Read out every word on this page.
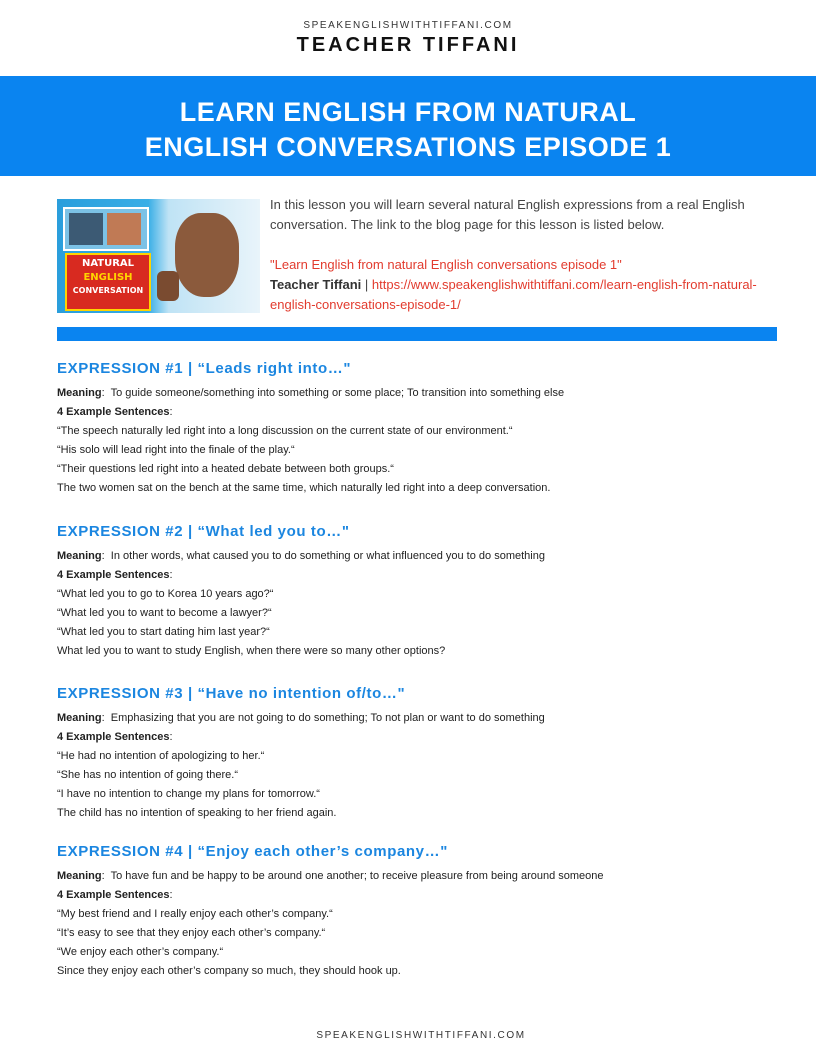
SPEAKENGLISHWITHTIFFANI.COM
TEACHER TIFFANI
LEARN ENGLISH FROM NATURAL
ENGLISH CONVERSATIONS EPISODE 1
NATURAL
ENGLISH
CONVERSATION

In this lesson you will learn several natural English expressions from a real English conversation. The link to the blog page for this lesson is listed below.

"Learn English from natural English conversations episode 1"

Teacher Tiffani | https://www.speakenglishwithtiffani.com/learn-english-from-natural-english-conversations-episode-1/

EXPRESSION #1 | “Leads right into…"
Meaning:  To guide someone/something into something or some place; To transition into something else
4 Example Sentences:
“The speech naturally led right into a long discussion on the current state of our environment.“
“His solo will lead right into the finale of the play.“
“Their questions led right into a heated debate between both groups.“
The two women sat on the bench at the same time, which naturally led right into a deep conversation.
EXPRESSION #2 | “What led you to…"
Meaning:  In other words, what caused you to do something or what influenced you to do something
4 Example Sentences:
“What led you to go to Korea 10 years ago?“
“What led you to want to become a lawyer?“
“What led you to start dating him last year?“
What led you to want to study English, when there were so many other options?
EXPRESSION #3 | “Have no intention of/to…"
Meaning:  Emphasizing that you are not going to do something; To not plan or want to do something
4 Example Sentences:
“He had no intention of apologizing to her.“
“She has no intention of going there.“
“I have no intention to change my plans for tomorrow.“
The child has no intention of speaking to her friend again.
EXPRESSION #4 | “Enjoy each other’s company…"
Meaning:  To have fun and be happy to be around one another; to receive pleasure from being around someone
4 Example Sentences:
“My best friend and I really enjoy each other’s company.“
“It’s easy to see that they enjoy each other’s company.“
“We enjoy each other’s company.“
Since they enjoy each other’s company so much, they should hook up.
SPEAKENGLISHWITHTIFFANI.COM
